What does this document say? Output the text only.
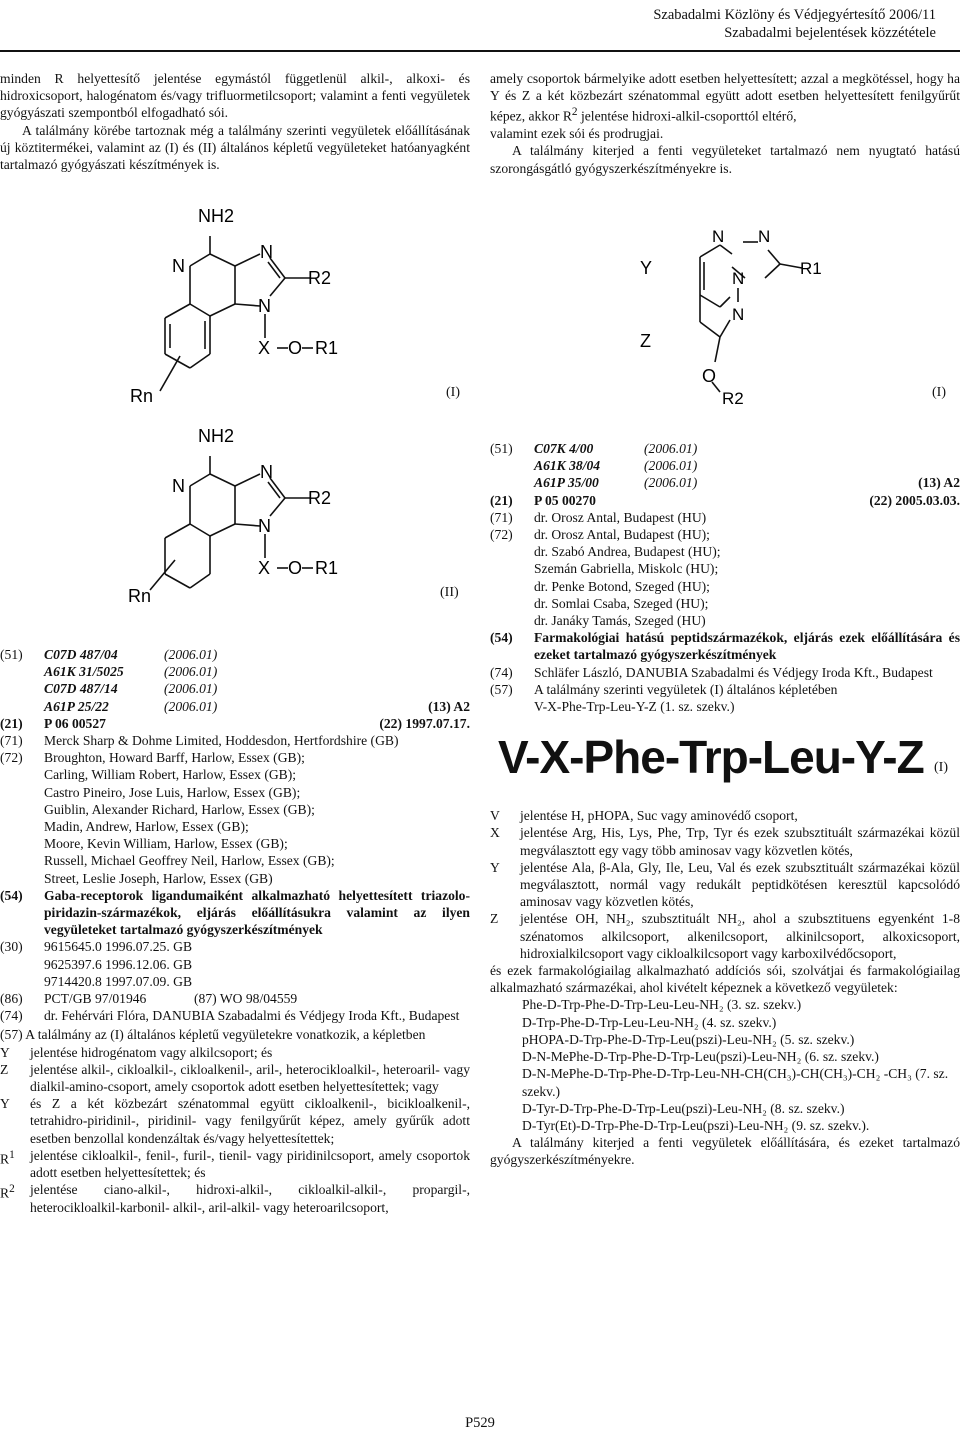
Szabadalmi Közlöny és Védjegyértesítő 2006/11
Szabadalmi bejelentések közzététele

minden R helyettesítő jelentése egymástól függetlenül alkil-, alkoxi- és hidroxicsoport, halogénatom és/vagy trifluormetilcsoport; valamint a fenti vegyületek gyógyászati szempontból elfogadható sói.

A találmány körébe tartoznak még a találmány szerinti vegyületek előállításának új köztitermékei, valamint az (I) és (II) általános képletű vegyületeket hatóanyagként tartalmazó gyógyászati készítmények is.

NH2
N
N
N
R2
X O R1
Rn	(I)
NH2
N
N
N
R2
X O R1
Rn	(II)
(51)	C07D 487/04	(2006.01)
A61K 31/5025	(2006.01)
C07D 487/14	(2006.01)
A61P 25/22	(2006.01)	(13) A2
(21)	P 06 00527	(22) 1997.07.17.
(71)	Merck Sharp & Dohme Limited, Hoddesdon, Hertfordshire (GB)
(72)	Broughton, Howard Barff, Harlow, Essex (GB);
Carling, William Robert, Harlow, Essex (GB);
Castro Pineiro, Jose Luis, Harlow, Essex (GB);
Guiblin, Alexander Richard, Harlow, Essex (GB);
Madin, Andrew, Harlow, Essex (GB);
Moore, Kevin William, Harlow, Essex (GB);
Russell, Michael Geoffrey Neil, Harlow, Essex (GB);
Street, Leslie Joseph, Harlow, Essex (GB)
(54)	Gaba-receptorok ligandumaiként alkalmazható helyettesített triazolo-piridazin-származékok, eljárás előállításukra valamint az ilyen vegyületeket tartalmazó gyógyszerkészítmények
(30)	9615645.0 1996.07.25. GB
9625397.6 1996.12.06. GB
9714420.8 1997.07.09. GB
(86)	PCT/GB 97/01946	(87) WO 98/04559
(74)	dr. Fehérvári Flóra, DANUBIA Szabadalmi és Védjegy Iroda Kft., Budapest

(57) A találmány az (I) általános képletű vegyületekre vonatkozik, a képletben

Y	jelentése hidrogénatom vagy alkilcsoport; és
Z	jelentése alkil-, cikloalkil-, cikloalkenil-, aril-, heterocikloalkil-, heteroaril- vagy dialkil-amino-csoport, amely csoportok adott esetben helyettesítettek; vagy
Y	és Z a két közbezárt szénatommal együtt cikloalkenil-, bicikloalkenil-, tetrahidro-piridinil-, piridinil- vagy fenilgyűrűt képez, amely gyűrűk adott esetben benzollal kondenzáltak és/vagy helyettesítettek;
$R^1$	jelentése cikloalkil-, fenil-, furil-, tienil- vagy piridinilcsoport, amely csoportok adott esetben helyettesítettek; és
$R^2$	jelentése ciano-alkil-, hidroxi-alkil-, cikloalkil-alkil-, propargil-, heterocikloalkil-karbonil- alkil-, aril-alkil- vagy heteroarilcsoport,

amely csoportok bármelyike adott esetben helyettesített; azzal a megkötéssel, hogy ha Y és Z a két közbezárt szénatommal együtt adott esetben helyettesített fenilgyűrűt képez, akkor $R^2$ jelentése hidroxi-alkil-csoporttól eltérő,

valamint ezek sói és prodrugjai.

A találmány kiterjed a fenti vegyületeket tartalmazó nem nyugtató hatású szorongásgátló gyógyszerkészítményekre is.

N N
N
N
Y
Z
R1
O
R2	(I)
(51)	C07K 4/00	(2006.01)
A61K 38/04	(2006.01)
A61P 35/00	(2006.01)	(13) A2
(21)	P 05 00270	(22) 2005.03.03.
(71)	dr. Orosz Antal, Budapest (HU)
(72)	dr. Orosz Antal, Budapest (HU);
dr. Szabó Andrea, Budapest (HU);
Szemán Gabriella, Miskolc (HU);
dr. Penke Botond, Szeged (HU);
dr. Somlai Csaba, Szeged (HU);
dr. Janáky Tamás, Szeged (HU)
(54)	Farmakológiai hatású peptidszármazékok, eljárás ezek előállítására és ezeket tartalmazó gyógyszerkészítmények
(74)	Schläfer László, DANUBIA Szabadalmi és Védjegy Iroda Kft., Budapest
(57)	A találmány szerinti vegyületek (I) általános képletében
V-X-Phe-Trp-Leu-Y-Z (1. sz. szekv.)
V-X-Phe-Trp-Leu-Y-Z (I)
V	jelentése H, pHOPA, Suc vagy aminovédő csoport,
X	jelentése Arg, His, Lys, Phe, Trp, Tyr és ezek szubsztituált származékai közül megválasztott egy vagy több aminosav vagy közvetlen kötés,
Y	jelentése Ala, β-Ala, Gly, Ile, Leu, Val és ezek szubsztituált származékai közül megválasztott, normál vagy redukált peptidkötésen keresztül kapcsolódó aminosav vagy közvetlen kötés,
Z	jelentése OH, NH₂, szubsztituált NH₂, ahol a szubsztituens egyenként 1-8 szénatomos alkilcsoport, alkenilcsoport, alkinilcsoport, alkoxicsoport, hidroxialkilcsoport vagy cikloalkilcsoport vagy karboxilvédőcsoport,

és ezek farmakológiailag alkalmazható addíciós sói, szolvátjai és farmakológiailag alkalmazható származékai, ahol kivételt képeznek a következő vegyületek:

Phe-D-Trp-Phe-D-Trp-Leu-Leu-NH₂ (3. sz. szekv.)
D-Trp-Phe-D-Trp-Leu-Leu-NH₂ (4. sz. szekv.)
pHOPA-D-Trp-Phe-D-Trp-Leu(pszi)-Leu-NH₂ (5. sz. szekv.)
D-N-MePhe-D-Trp-Phe-D-Trp-Leu(pszi)-Leu-NH₂ (6. sz. szekv.)
D-N-MePhe-D-Trp-Phe-D-Trp-Leu-NH-CH(CH₃)-CH(CH₃)-CH₂ -CH₃ (7. sz. szekv.)
D-Tyr-D-Trp-Phe-D-Trp-Leu(pszi)-Leu-NH₂ (8. sz. szekv.)
D-Tyr(Et)-D-Trp-Phe-D-Trp-Leu(pszi)-Leu-NH₂ (9. sz. szekv.).

A találmány kiterjed a fenti vegyületek előállítására, és ezeket tartalmazó gyógyszerkészítményekre.

P529
